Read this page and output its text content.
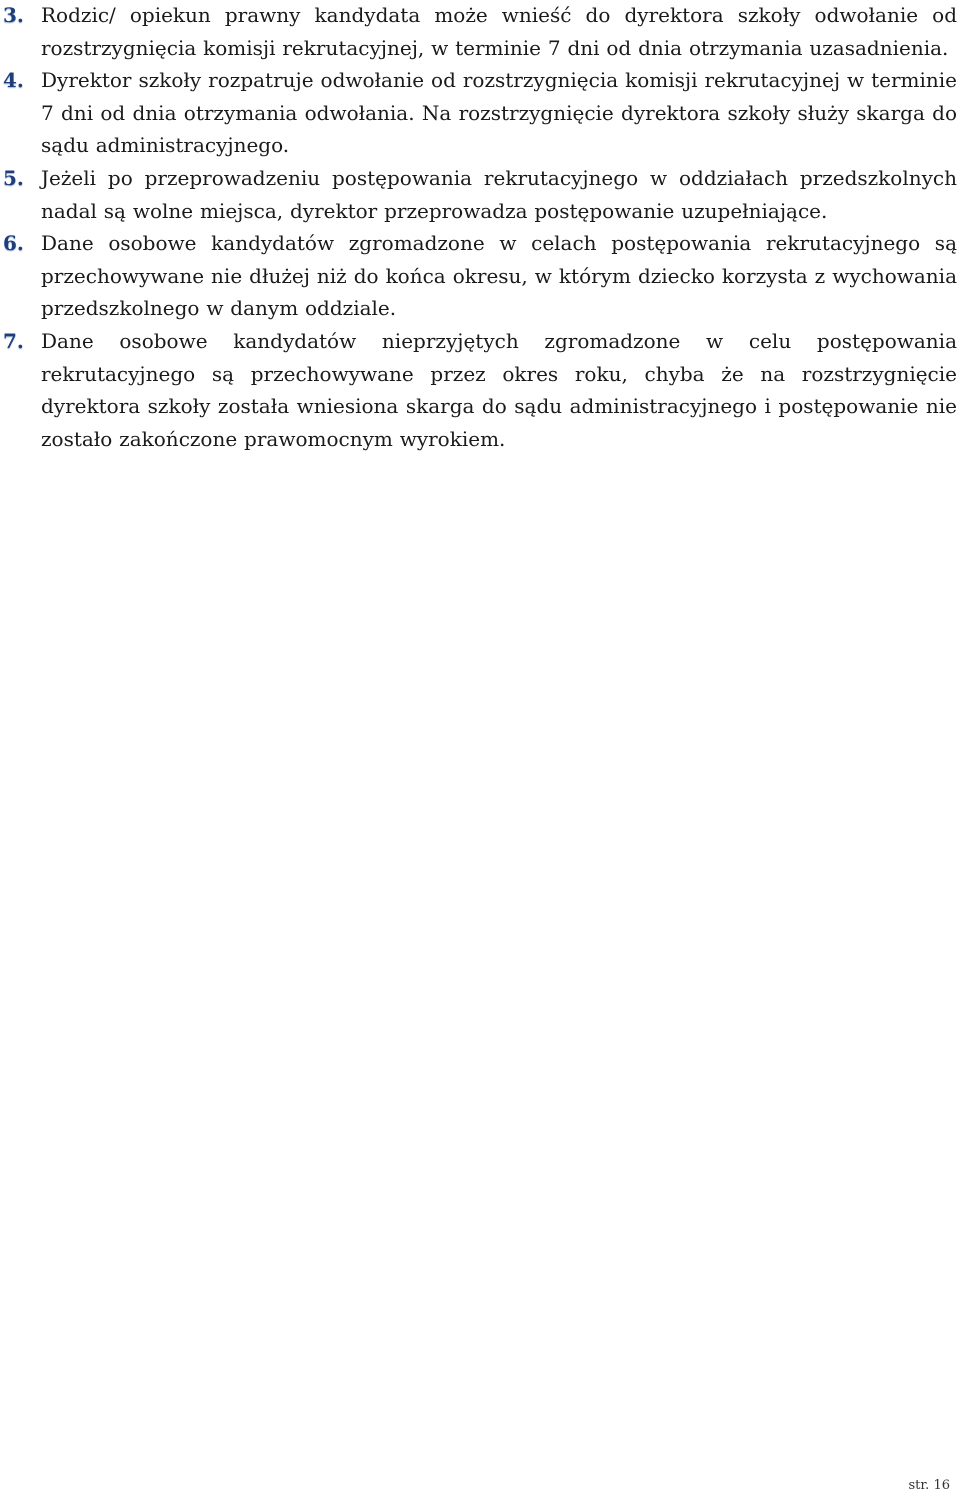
3. Rodzic/ opiekun prawny kandydata może wnieść do dyrektora szkoły odwołanie od rozstrzygnięcia komisji rekrutacyjnej, w terminie 7 dni od dnia otrzymania uzasadnienia.
4. Dyrektor szkoły rozpatruje odwołanie od rozstrzygnięcia komisji rekrutacyjnej w terminie 7 dni od dnia otrzymania odwołania. Na rozstrzygnięcie dyrektora szkoły służy skarga do sądu administracyjnego.
5. Jeżeli po przeprowadzeniu postępowania rekrutacyjnego w oddziałach przedszkolnych nadal są wolne miejsca, dyrektor przeprowadza postępowanie uzupełniające.
6. Dane osobowe kandydatów zgromadzone w celach postępowania rekrutacyjnego są przechowywane nie dłużej niż do końca okresu, w którym dziecko korzysta z wychowania przedszkolnego w danym oddziale.
7. Dane osobowe kandydatów nieprzyjętych zgromadzone w celu postępowania rekrutacyjnego są przechowywane przez okres roku, chyba że na rozstrzygnięcie dyrektora szkoły została wniesiona skarga do sądu administracyjnego i postępowanie nie zostało zakończone prawomocnym wyrokiem.
str. 16
